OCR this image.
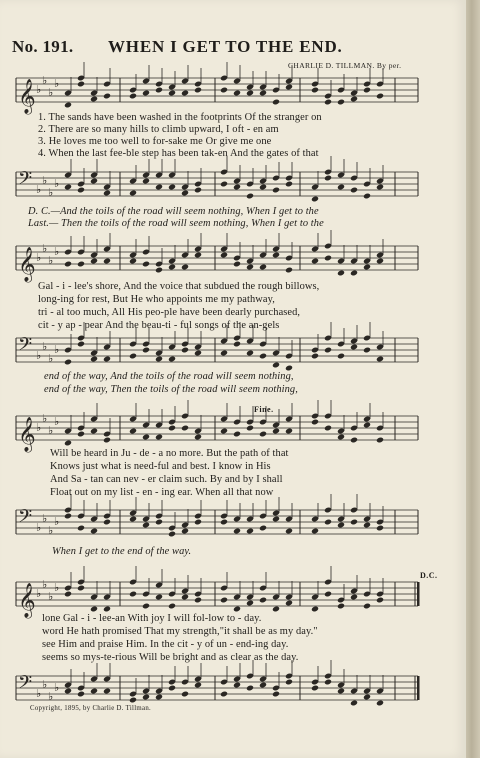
No. 191. WHEN I GET TO THE END.
CHARLIE D. TILLMAN. By per.
𝄞 ♭
♭
♭
♭
1. The sands have been washed in the footprints Of the stranger on
2. There are so many hills to climb upward, I oft - en am
3. He loves me too well to for-sake me Or give me one
4. When the last fee-ble step has been tak-en And the gates of that
𝄢 ♭
♭
♭
♭
D. C.—And the toils of the road will seem nothing, When I get to the
Last.— Then the toils of the road will seem nothing, When I get to the
𝄞 ♭
♭
♭
♭
Gal - i - lee's shore, And the voice that subdued the rough billows,
long-ing for rest, But He who appoints me my pathway,
tri - al too much, All His peo-ple have been dearly purchased,
cit - y ap - pear And the beau-ti - ful songs of the an-gels
𝄢 ♭
♭
♭
♭
end of the way, And the toils of the road will seem nothing,
end of the way, Then the toils of the road will seem nothing,
Fine.
𝄞 ♭
♭
♭
♭
Will be heard in Ju - de - a no more. But the path of that
Knows just what is need-ful and best. I know in His
And Sa - tan can nev - er claim such. By and by I shall
Float out on my list - en - ing ear. When all that now
𝄢 ♭
♭
♭
♭
When I get to the end of the way.
D.C.
𝄞 ♭
♭
♭
♭
lone Gal - i - lee-an With joy I will fol-low to - day.
word He hath promised That my strength,"it shall be as my day."
see Him and praise Him. In the cit - y of un - end-ing day.
seems so mys-te-rious Will be bright and as clear as the day.
𝄢 ♭
♭
♭
♭
Copyright, 1895, by Charlie D. Tillman.
